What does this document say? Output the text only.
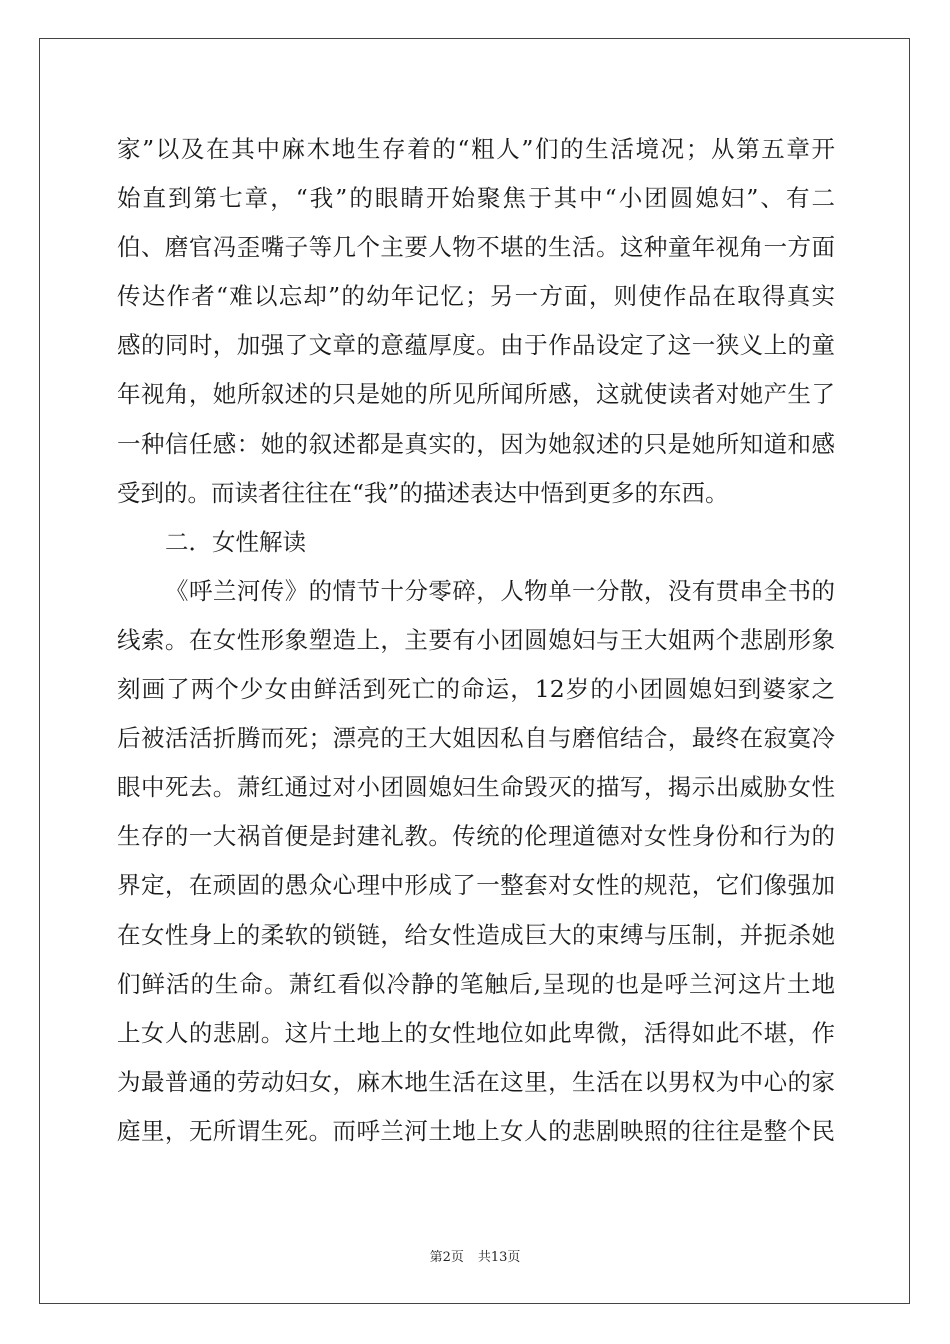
家”以及在其中麻木地生存着的“粗人”们的生活境况；从第五章开
始直到第七章，“我”的眼睛开始聚焦于其中“小团圆媳妇”、有二
伯、磨官冯歪嘴子等几个主要人物不堪的生活。这种童年视角一方面
传达作者“难以忘却”的幼年记忆；另一方面，则使作品在取得真实
感的同时，加强了文章的意蕴厚度。由于作品设定了这一狭义上的童
年视角，她所叙述的只是她的所见所闻所感，这就使读者对她产生了
一种信任感：她的叙述都是真实的，因为她叙述的只是她所知道和感
受到的。而读者往往在“我”的描述表达中悟到更多的东西。
二．女性解读
《呼兰河传》的情节十分零碎，人物单一分散，没有贯串全书的
线索。在女性形象塑造上，主要有小团圆媳妇与王大姐两个悲剧形象
刻画了两个少女由鲜活到死亡的命运，12岁的小团圆媳妇到婆家之
后被活活折腾而死；漂亮的王大姐因私自与磨倌结合，最终在寂寞冷
眼中死去。萧红通过对小团圆媳妇生命毁灭的描写，揭示出威胁女性
生存的一大祸首便是封建礼教。传统的伦理道德对女性身份和行为的
界定，在顽固的愚众心理中形成了一整套对女性的规范，它们像强加
在女性身上的柔软的锁链，给女性造成巨大的束缚与压制，并扼杀她
们鲜活的生命。萧红看似冷静的笔触后,呈现的也是呼兰河这片土地
上女人的悲剧。这片土地上的女性地位如此卑微，活得如此不堪，作
为最普通的劳动妇女，麻木地生活在这里，生活在以男权为中心的家
庭里，无所谓生死。而呼兰河土地上女人的悲剧映照的往往是整个民
第2页 共13页
